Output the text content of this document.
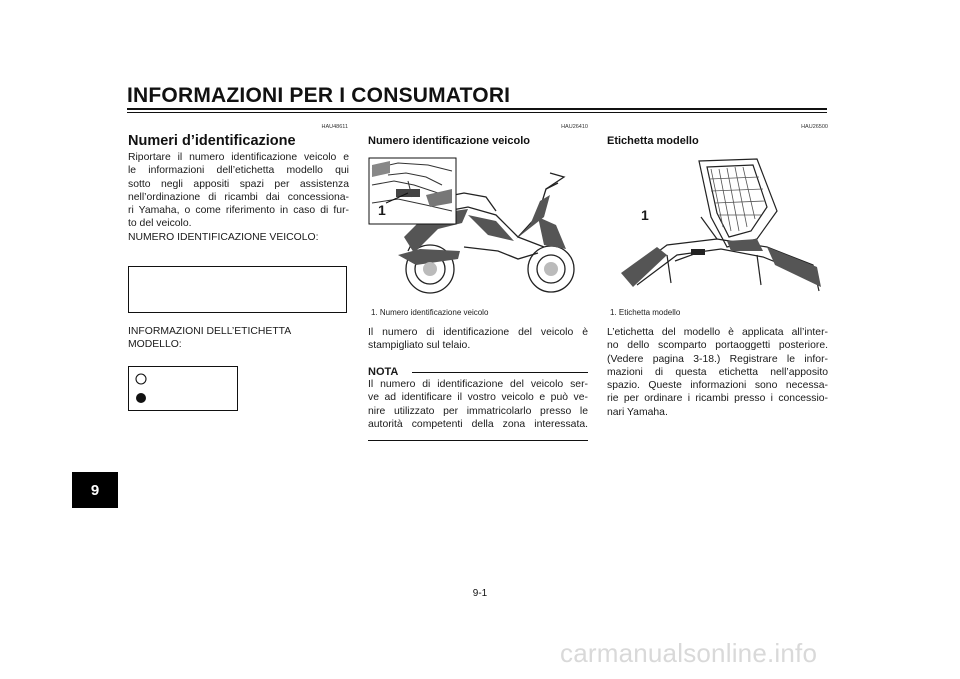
INFORMAZIONI PER I CONSUMATORI
9
HAU48611
Numeri d’identificazione
Riportare il numero identificazione veicolo e
le informazioni dell’etichetta modello qui
sotto negli appositi spazi per assistenza
nell’ordinazione di ricambi dai concessiona-
ri Yamaha, o come riferimento in caso di fur-
to del veicolo.
NUMERO IDENTIFICAZIONE VEICOLO:
INFORMAZIONI DELL’ETICHETTA
MODELLO:
HAU26410
Numero identificazione veicolo
1
1. Numero identificazione veicolo
Il numero di identificazione del veicolo è
stampigliato sul telaio.
NOTA
Il numero di identificazione del veicolo ser-
ve ad identificare il vostro veicolo e può ve-
nire utilizzato per immatricolarlo presso le
autorità competenti della zona interessata.
HAU26500
Etichetta modello
1
1. Etichetta modello
L’etichetta del modello è applicata all’inter-
no dello scomparto portaoggetti posteriore.
(Vedere pagina 3-18.) Registrare le infor-
mazioni di questa etichetta nell’apposito
spazio. Queste informazioni sono necessa-
rie per ordinare i ricambi presso i concessio-
nari Yamaha.
9-1
carmanualsonline.info
